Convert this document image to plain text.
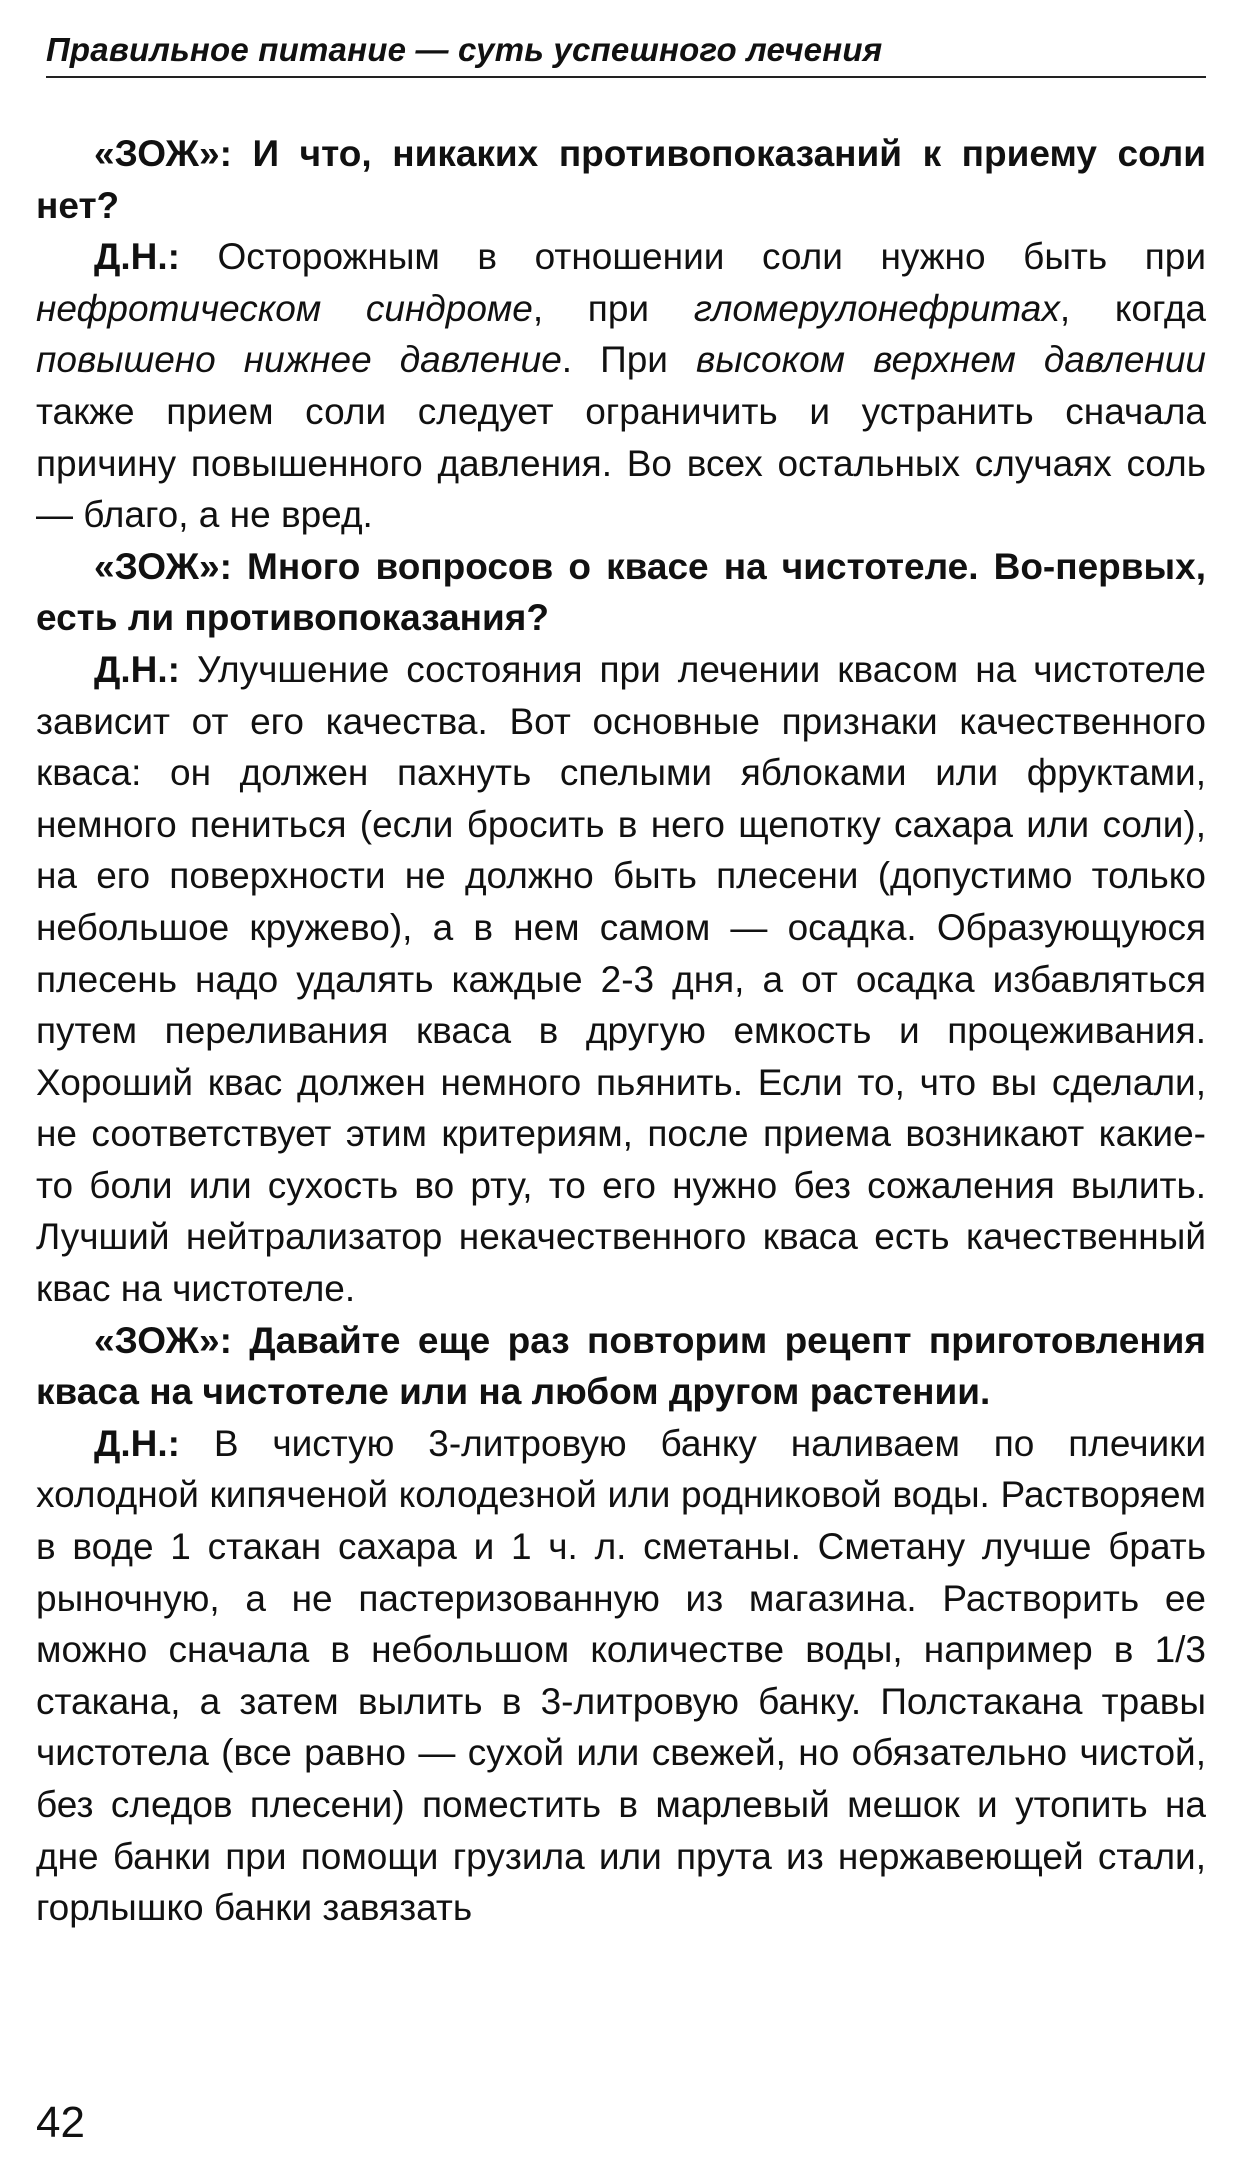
Правильное питание — суть успешного лечения

«ЗОЖ»: И что, никаких противопоказаний к приему соли нет?

Д.Н.: Осторожным в отношении соли нужно быть при нефротическом синдроме, при гломерулонефритах, когда повышено нижнее давление. При высоком верхнем давлении также прием соли следует ограничить и устранить сначала причину повышенного давления. Во всех остальных случаях соль — благо, а не вред.

«ЗОЖ»: Много вопросов о квасе на чистотеле. Во-первых, есть ли противопоказания?

Д.Н.: Улучшение состояния при лечении квасом на чистотеле зависит от его качества. Вот основные признаки качественного кваса: он должен пахнуть спелыми яблоками или фруктами, немного пениться (если бросить в него щепотку сахара или соли), на его поверхности не должно быть плесени (допустимо только небольшое кружево), а в нем самом — осадка. Образующуюся плесень надо удалять каждые 2-3 дня, а от осадка избавляться путем переливания кваса в другую емкость и процеживания. Хороший квас должен немного пьянить. Если то, что вы сделали, не соответствует этим критериям, после приема возникают какие-то боли или сухость во рту, то его нужно без сожаления вылить. Лучший нейтрализатор некачественного кваса есть качественный квас на чистотеле.

«ЗОЖ»: Давайте еще раз повторим рецепт приготовления кваса на чистотеле или на любом другом растении.

Д.Н.: В чистую 3-литровую банку наливаем по плечики холодной кипяченой колодезной или родниковой воды. Растворяем в воде 1 стакан сахара и 1 ч. л. сметаны. Сметану лучше брать рыночную, а не пастеризованную из магазина. Растворить ее можно сначала в небольшом количестве воды, например в 1/3 стакана, а затем вылить в 3-литровую банку. Полстакана травы чистотела (все равно — сухой или свежей, но обязательно чистой, без следов плесени) поместить в марлевый мешок и утопить на дне банки при помощи грузила или прута из нержавеющей стали, горлышко банки завязать

42
